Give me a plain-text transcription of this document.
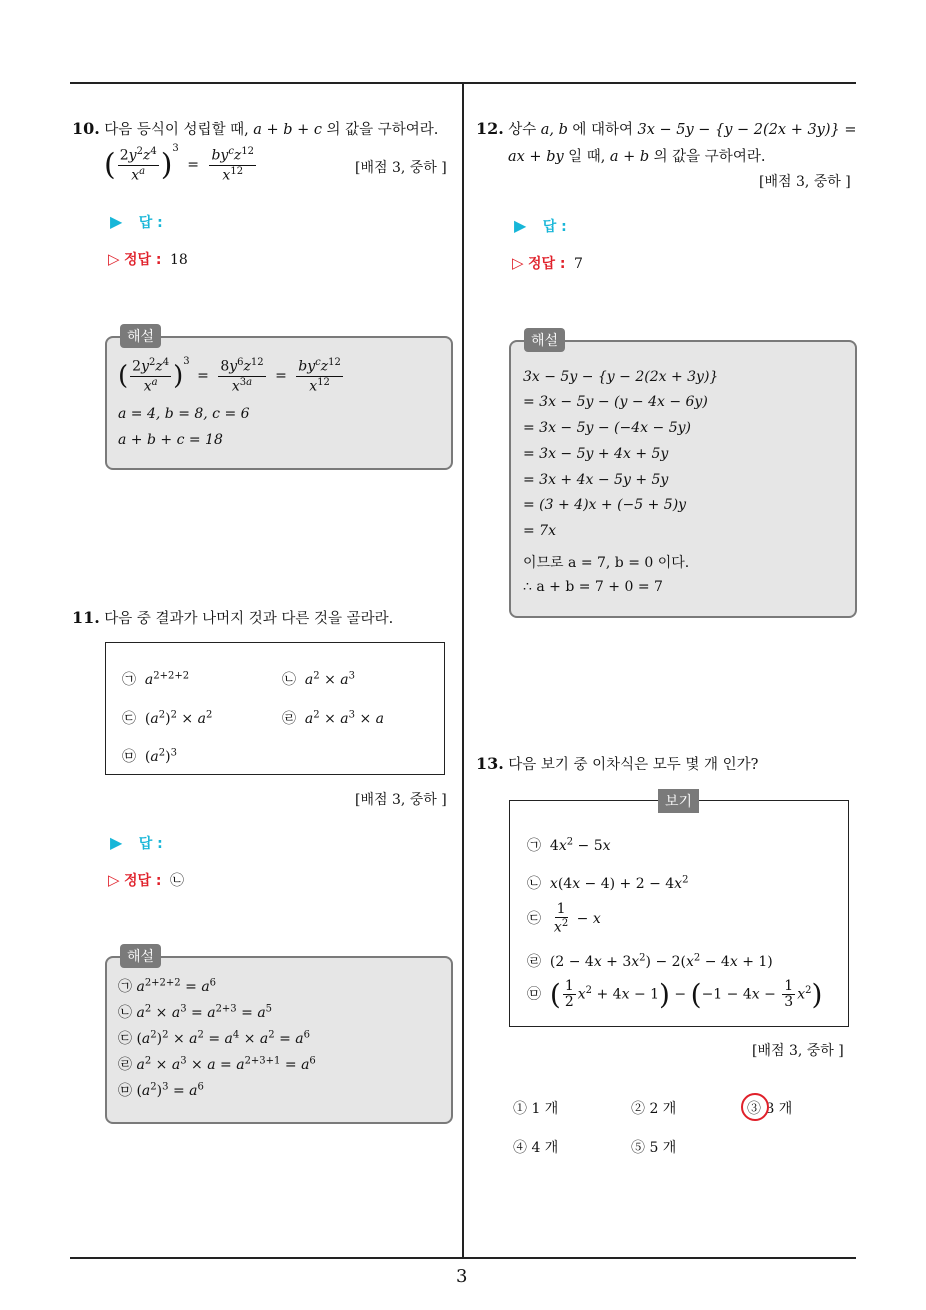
3
10. 다음 등식이 성립할 때, a + b + c 의 값을 구하여라.
( $\frac{2y^2z^4}{x^a} )^3 = \frac{by^cz^{12}}{x^{12}}$	[배점 3, 중하 ]
▶ 답 :
▷ 정답 : 18
해설
( $\frac{2y^2z^4}{x^a} )^3 = \frac{8y^6z^{12}}{x^{3a}} = \frac{by^cz^{12}}{x^{12}}$
a = 4, b = 8, c = 6
a + b + c = 18
11. 다음 중 결과가 나머지 것과 다른 것을 골라라.
㉠ $a^{2+2+2}$	㉡ $a^2 \times a^3$
㉢  $(a^2)^2 \times a^2$	㉣ $a^2 \times a^3 \times a$
㉤  $(a^2)^3$
[배점 3, 중하 ]
▶ 답 :
▷ 정답 : ㉡
해설
㉠ $a^{2+2+2} = a^6$
㉡ $a^2 \times a^3 = a^{2+3} = a^5$
㉢ $(a^2)^2 \times a^2 = a^4 \times a^2 = a^6$
㉣ $a^2 \times a^3 \times a = a^{2+3+1} = a^6$
㉤ $(a^2)^3 = a^6$
12. 상수 a, b 에 대하여 3x − 5y − {y − 2(2x + 3y)} =
ax + by 일 때, a + b 의 값을 구하여라.
[배점 3, 중하 ]
▶ 답 :
▷ 정답 : 7
해설
3x − 5y − {y − 2(2x + 3y)}
= 3x − 5y − (y − 4x − 6y)
= 3x − 5y − (−4x − 5y)
= 3x − 5y + 4x + 5y
= 3x + 4x − 5y + 5y
= (3 + 4)x + (−5 + 5)y
= 7x
이므로 a = 7, b = 0 이다.
∴ a + b = 7 + 0 = 7
13. 다음 보기 중 이차식은 모두 몇 개 인가?
보기
㉠  $4x^2 - 5x$
㉡ $x(4x - 4) + 2 - 4x^2$
㉢ $\frac{1}{x^2} - x$
㉣  $(2 - 4x + 3x^2) - 2(x^2 - 4x + 1)$
㉤ ( $\frac{1}{2} x^2 + 4x - 1) - (-1 - 4x - \frac{1}{3} x^2)$
[배점 3, 중하 ]
① 1 개	② 2 개	③ 3 개
④ 4 개	⑤ 5 개
